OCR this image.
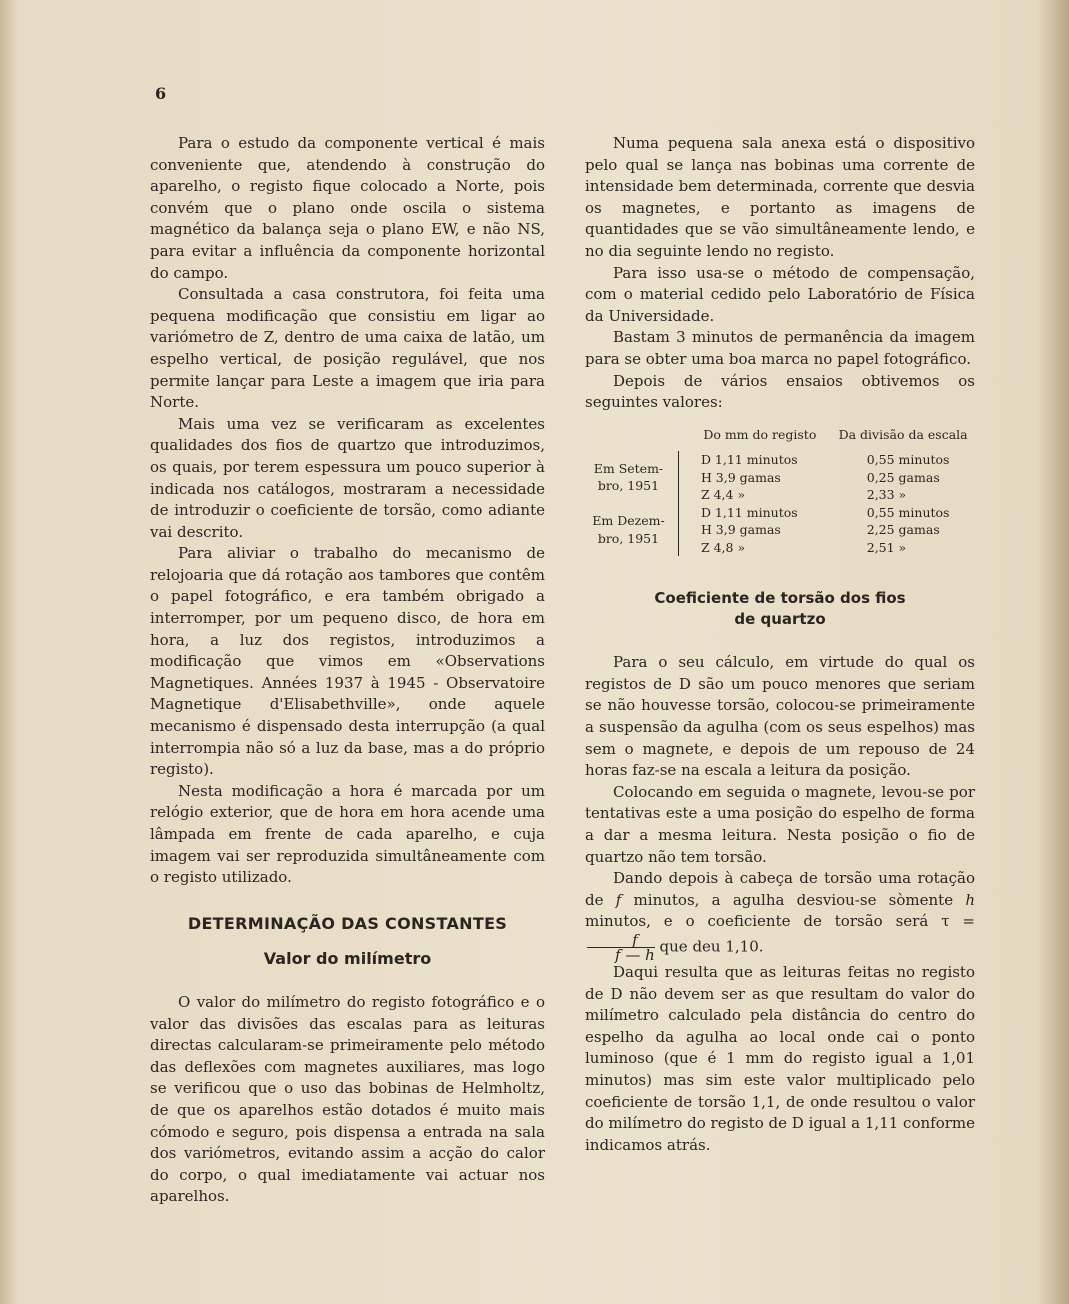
6

Para o estudo da componente vertical é mais conveniente que, atendendo à construção do aparelho, o registo fique colocado a Norte, pois convém que o plano onde oscila o sistema magnético da balança seja o plano EW, e não NS, para evitar a influência da componente horizontal do campo.

Consultada a casa construtora, foi feita uma pequena modificação que consistiu em ligar ao variómetro de Z, dentro de uma caixa de latão, um espelho vertical, de posição regulável, que nos permite lançar para Leste a imagem que iria para Norte.

Mais uma vez se verificaram as excelentes qualidades dos fios de quartzo que introduzimos, os quais, por terem espessura um pouco superior à indicada nos catálogos, mostraram a necessidade de introduzir o coeficiente de torsão, como adiante vai descrito.

Para aliviar o trabalho do mecanismo de relojoaria que dá rotação aos tambores que contêm o papel fotográfico, e era também obrigado a interromper, por um pequeno disco, de hora em hora, a luz dos registos, introduzimos a modificação que vimos em «Observations Magnetiques. Années 1937 à 1945 - Observatoire Magnetique d'Elisabethville», onde aquele mecanismo é dispensado desta interrupção (a qual interrompia não só a luz da base, mas a do próprio registo).

Nesta modificação a hora é marcada por um relógio exterior, que de hora em hora acende uma lâmpada em frente de cada aparelho, e cuja imagem vai ser reproduzida simultâneamente com o registo utilizado.

DETERMINAÇÃO DAS CONSTANTES
Valor do milímetro

O valor do milímetro do registo fotográfico e o valor das divisões das escalas para as leituras directas calcularam-se primeiramente pelo método das deflexões com magnetes auxiliares, mas logo se verificou que o uso das bobinas de Helmholtz, de que os aparelhos estão dotados é muito mais cómodo e seguro, pois dispensa a entrada na sala dos variómetros, evitando assim a acção do calor do corpo, o qual imediatamente vai actuar nos aparelhos.

Numa pequena sala anexa está o dispositivo pelo qual se lança nas bobinas uma corrente de intensidade bem determinada, corrente que desvia os magnetes, e portanto as imagens de quantidades que se vão simultâneamente lendo, e no dia seguinte lendo no registo.

Para isso usa-se o método de compensação, com o material cedido pelo Laboratório de Física da Universidade.

Bastam 3 minutos de permanência da imagem para se obter uma boa marca no papel fotográfico.

Depois de vários ensaios obtivemos os seguintes valores:

		Do mm do registo	Da divisão da escala
Em Setem-
bro, 1951		D 1,11 minutos	0,55 minutos
		H 3,9 gamas	0,25 gamas
		Z 4,4 »	2,33 »
Em Dezem-
bro, 1951		D 1,11 minutos	0,55 minutos
		H 3,9 gamas	2,25 gamas
		Z 4,8 »	2,51 »
Coeficiente de torsão dos fios
de quartzo

Para o seu cálculo, em virtude do qual os registos de D são um pouco menores que seriam se não houvesse torsão, colocou-se primeiramente a suspensão da agulha (com os seus espelhos) mas sem o magnete, e depois de um repouso de 24 horas faz-se na escala a leitura da posição.

Colocando em seguida o magnete, levou-se por tentativas este a uma posição do espelho de forma a dar a mesma leitura. Nesta posição o fio de quartzo não tem torsão.

Dando depois à cabeça de torsão uma rotação de f minutos, a agulha desviou-se sòmente h minutos, e o coeficiente de torsão será τ =
$\frac{f}{f — h}$ que deu 1,10.

Daqui resulta que as leituras feitas no registo de D não devem ser as que resultam do valor do milímetro calculado pela distância do centro do espelho da agulha ao local onde cai o ponto luminoso (que é 1 mm do registo igual a 1,01 minutos) mas sim este valor multiplicado pelo coeficiente de torsão 1,1, de onde resultou o valor do milímetro do registo de D igual a 1,11 conforme indicamos atrás.
